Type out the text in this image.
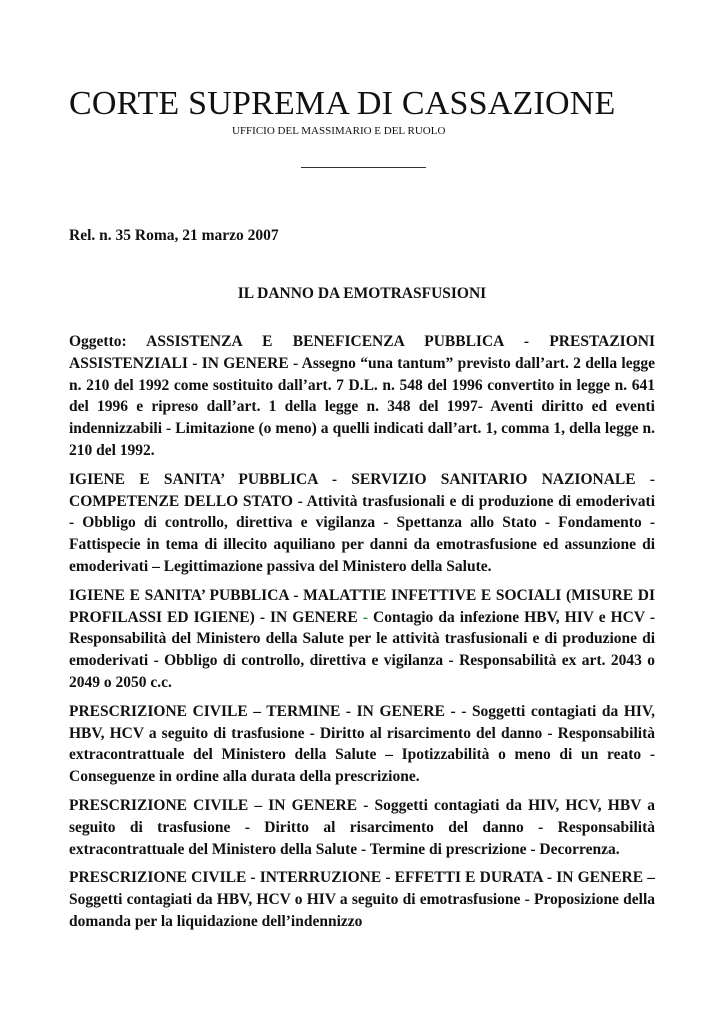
CORTE SUPREMA DI CASSAZIONE
UFFICIO DEL MASSIMARIO E DEL RUOLO
Rel. n. 35 Roma, 21 marzo 2007
IL DANNO DA EMOTRASFUSIONI

Oggetto: ASSISTENZA E BENEFICENZA PUBBLICA - PRESTAZIONI ASSISTENZIALI - IN GENERE - Assegno “una tantum” previsto dall’art. 2 della legge n. 210 del 1992 come sostituito dall’art. 7 D.L. n. 548 del 1996 convertito in legge n. 641 del 1996 e ripreso dall’art. 1 della legge n. 348 del 1997- Aventi diritto ed eventi indennizzabili - Limitazione (o meno) a quelli indicati dall’art. 1, comma 1, della legge n. 210 del 1992.

IGIENE E SANITA’ PUBBLICA - SERVIZIO SANITARIO NAZIONALE - COMPETENZE DELLO STATO - Attività trasfusionali e di produzione di emoderivati - Obbligo di controllo, direttiva e vigilanza - Spettanza allo Stato - Fondamento - Fattispecie in tema di illecito aquiliano per danni da emotrasfusione ed assunzione di emoderivati – Legittimazione passiva del Ministero della Salute.

IGIENE E SANITA’ PUBBLICA - MALATTIE INFETTIVE E SOCIALI (MISURE DI PROFILASSI ED IGIENE) - IN GENERE - Contagio da infezione HBV, HIV e HCV - Responsabilità del Ministero della Salute per le attività trasfusionali e di produzione di emoderivati - Obbligo di controllo, direttiva e vigilanza - Responsabilità ex art. 2043 o 2049 o 2050 c.c.

PRESCRIZIONE CIVILE – TERMINE - IN GENERE - - Soggetti contagiati da HIV, HBV, HCV a seguito di trasfusione - Diritto al risarcimento del danno - Responsabilità extracontrattuale del Ministero della Salute – Ipotizzabilità o meno di un reato - Conseguenze in ordine alla durata della prescrizione.

PRESCRIZIONE CIVILE – IN GENERE - Soggetti contagiati da HIV, HCV, HBV a seguito di trasfusione - Diritto al risarcimento del danno - Responsabilità extracontrattuale del Ministero della Salute - Termine di prescrizione - Decorrenza.

PRESCRIZIONE CIVILE - INTERRUZIONE - EFFETTI E DURATA - IN GENERE – Soggetti contagiati da HBV, HCV o HIV a seguito di emotrasfusione - Proposizione della domanda per la liquidazione dell’indennizzo
